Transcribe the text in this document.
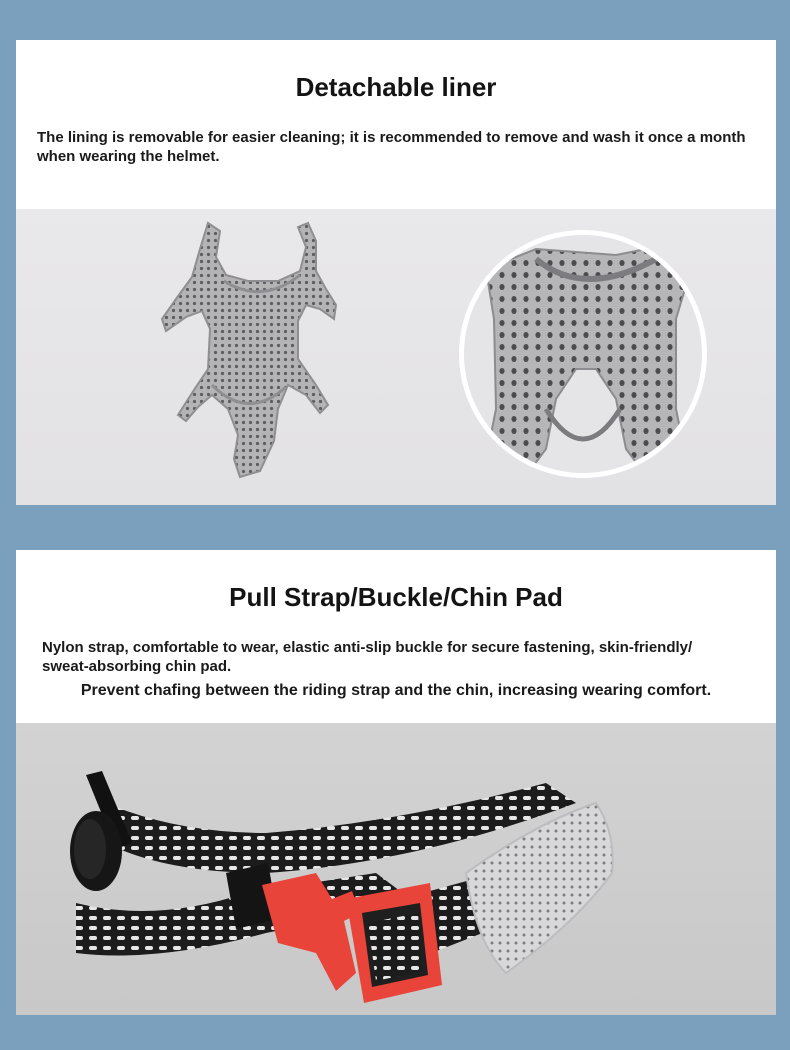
Detachable liner

The lining is removable for easier cleaning; it is recommended to remove and wash it once a month when wearing the helmet.

Pull Strap/Buckle/Chin Pad

Nylon strap, comfortable to wear, elastic anti-slip buckle for secure fastening, skin-friendly/ sweat-absorbing chin pad.

Prevent chafing between the riding strap and the chin, increasing wearing comfort.
